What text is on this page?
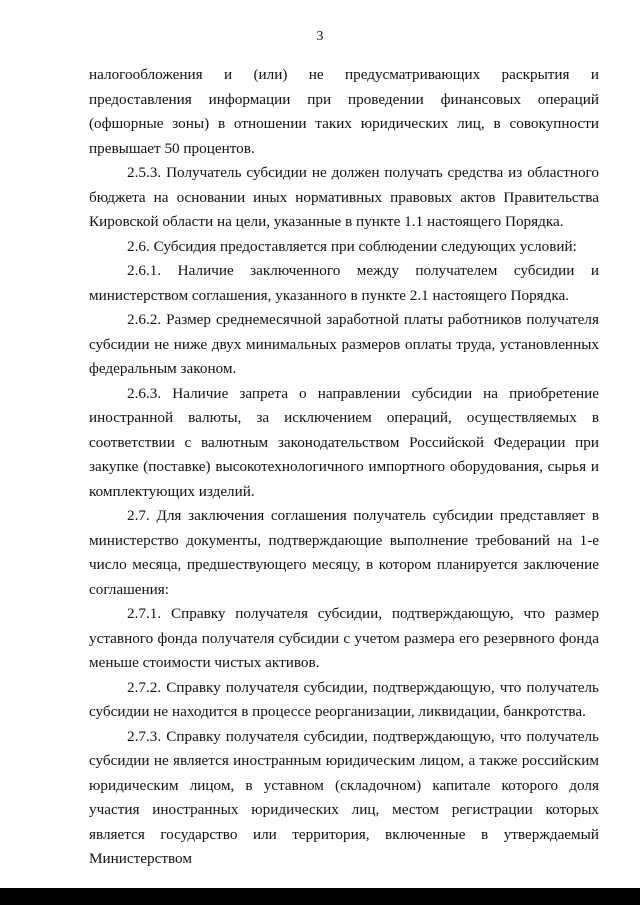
3

налогообложения и (или) не предусматривающих раскрытия и предоставления информации при проведении финансовых операций (офшорные зоны) в отношении таких юридических лиц, в совокупности превышает 50 процентов.

2.5.3. Получатель субсидии не должен получать средства из областного бюджета на основании иных нормативных правовых актов Правительства Кировской области на цели, указанные в пункте 1.1 настоящего Порядка.

2.6. Субсидия предоставляется при соблюдении следующих условий:

2.6.1. Наличие заключенного между получателем субсидии и министерством соглашения, указанного в пункте 2.1 настоящего Порядка.

2.6.2. Размер среднемесячной заработной платы работников получателя субсидии не ниже двух минимальных размеров оплаты труда, установленных федеральным законом.

2.6.3. Наличие запрета о направлении субсидии на приобретение иностранной валюты, за исключением операций, осуществляемых в соответствии с валютным законодательством Российской Федерации при закупке (поставке) высокотехнологичного импортного оборудования, сырья и комплектующих изделий.

2.7. Для заключения соглашения получатель субсидии представляет в министерство документы, подтверждающие выполнение требований на 1-е число месяца, предшествующего месяцу, в котором планируется заключение соглашения:

2.7.1. Справку получателя субсидии, подтверждающую, что размер уставного фонда получателя субсидии с учетом размера его резервного фонда меньше стоимости чистых активов.

2.7.2. Справку получателя субсидии, подтверждающую, что получатель субсидии не находится в процессе реорганизации, ликвидации, банкротства.

2.7.3. Справку получателя субсидии, подтверждающую, что получатель субсидии не является иностранным юридическим лицом, а также российским юридическим лицом, в уставном (складочном) капитале которого доля участия иностранных юридических лиц, местом регистрации которых является государство или территория, включенные в утверждаемый Министерством
